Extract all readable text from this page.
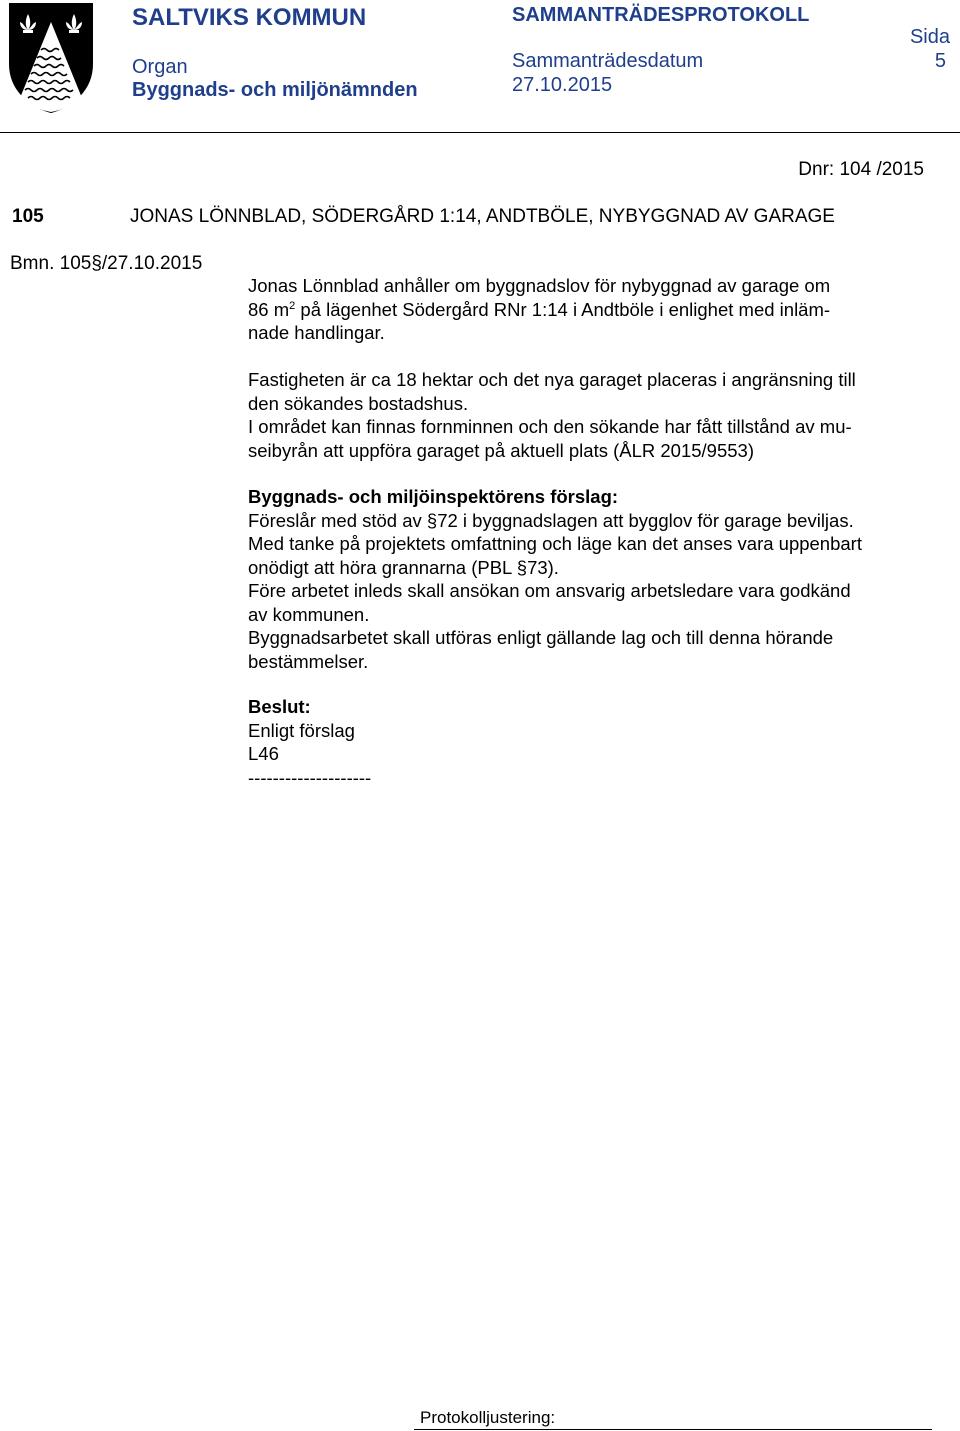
SALTVIKS KOMMUN
Organ
Byggnads- och miljönämnden
SAMMANTRÄDESPROTOKOLL
Sammanträdesdatum
27.10.2015
Sida
5
Dnr: 104 /2015
105	JONAS LÖNNBLAD, SÖDERGÅRD 1:14, ANDTBÖLE, NYBYGGNAD AV GARAGE
Bmn. 105§/27.10.2015

Jonas Lönnblad anhåller om byggnadslov för nybyggnad av garage om

86 $m^2$ på lägenhet Södergård RNr 1:14 i Andtböle i enlighet med inläm-

nade handlingar.

Fastigheten är ca 18 hektar och det nya garaget placeras i angränsning till

den sökandes bostadshus.

I området kan finnas fornminnen och den sökande har fått tillstånd av mu-

seibyrån att uppföra garaget på aktuell plats (ÅLR 2015/9553)

Byggnads- och miljöinspektörens förslag:

Föreslår med stöd av §72 i byggnadslagen att bygglov för garage beviljas.

Med tanke på projektets omfattning och läge kan det anses vara uppenbart

onödigt att höra grannarna (PBL §73).

Före arbetet inleds skall ansökan om ansvarig arbetsledare vara godkänd

av kommunen.

Byggnadsarbetet skall utföras enligt gällande lag och till denna hörande

bestämmelser.

Beslut:

Enligt förslag

L46

--------------------

Protokolljustering:
